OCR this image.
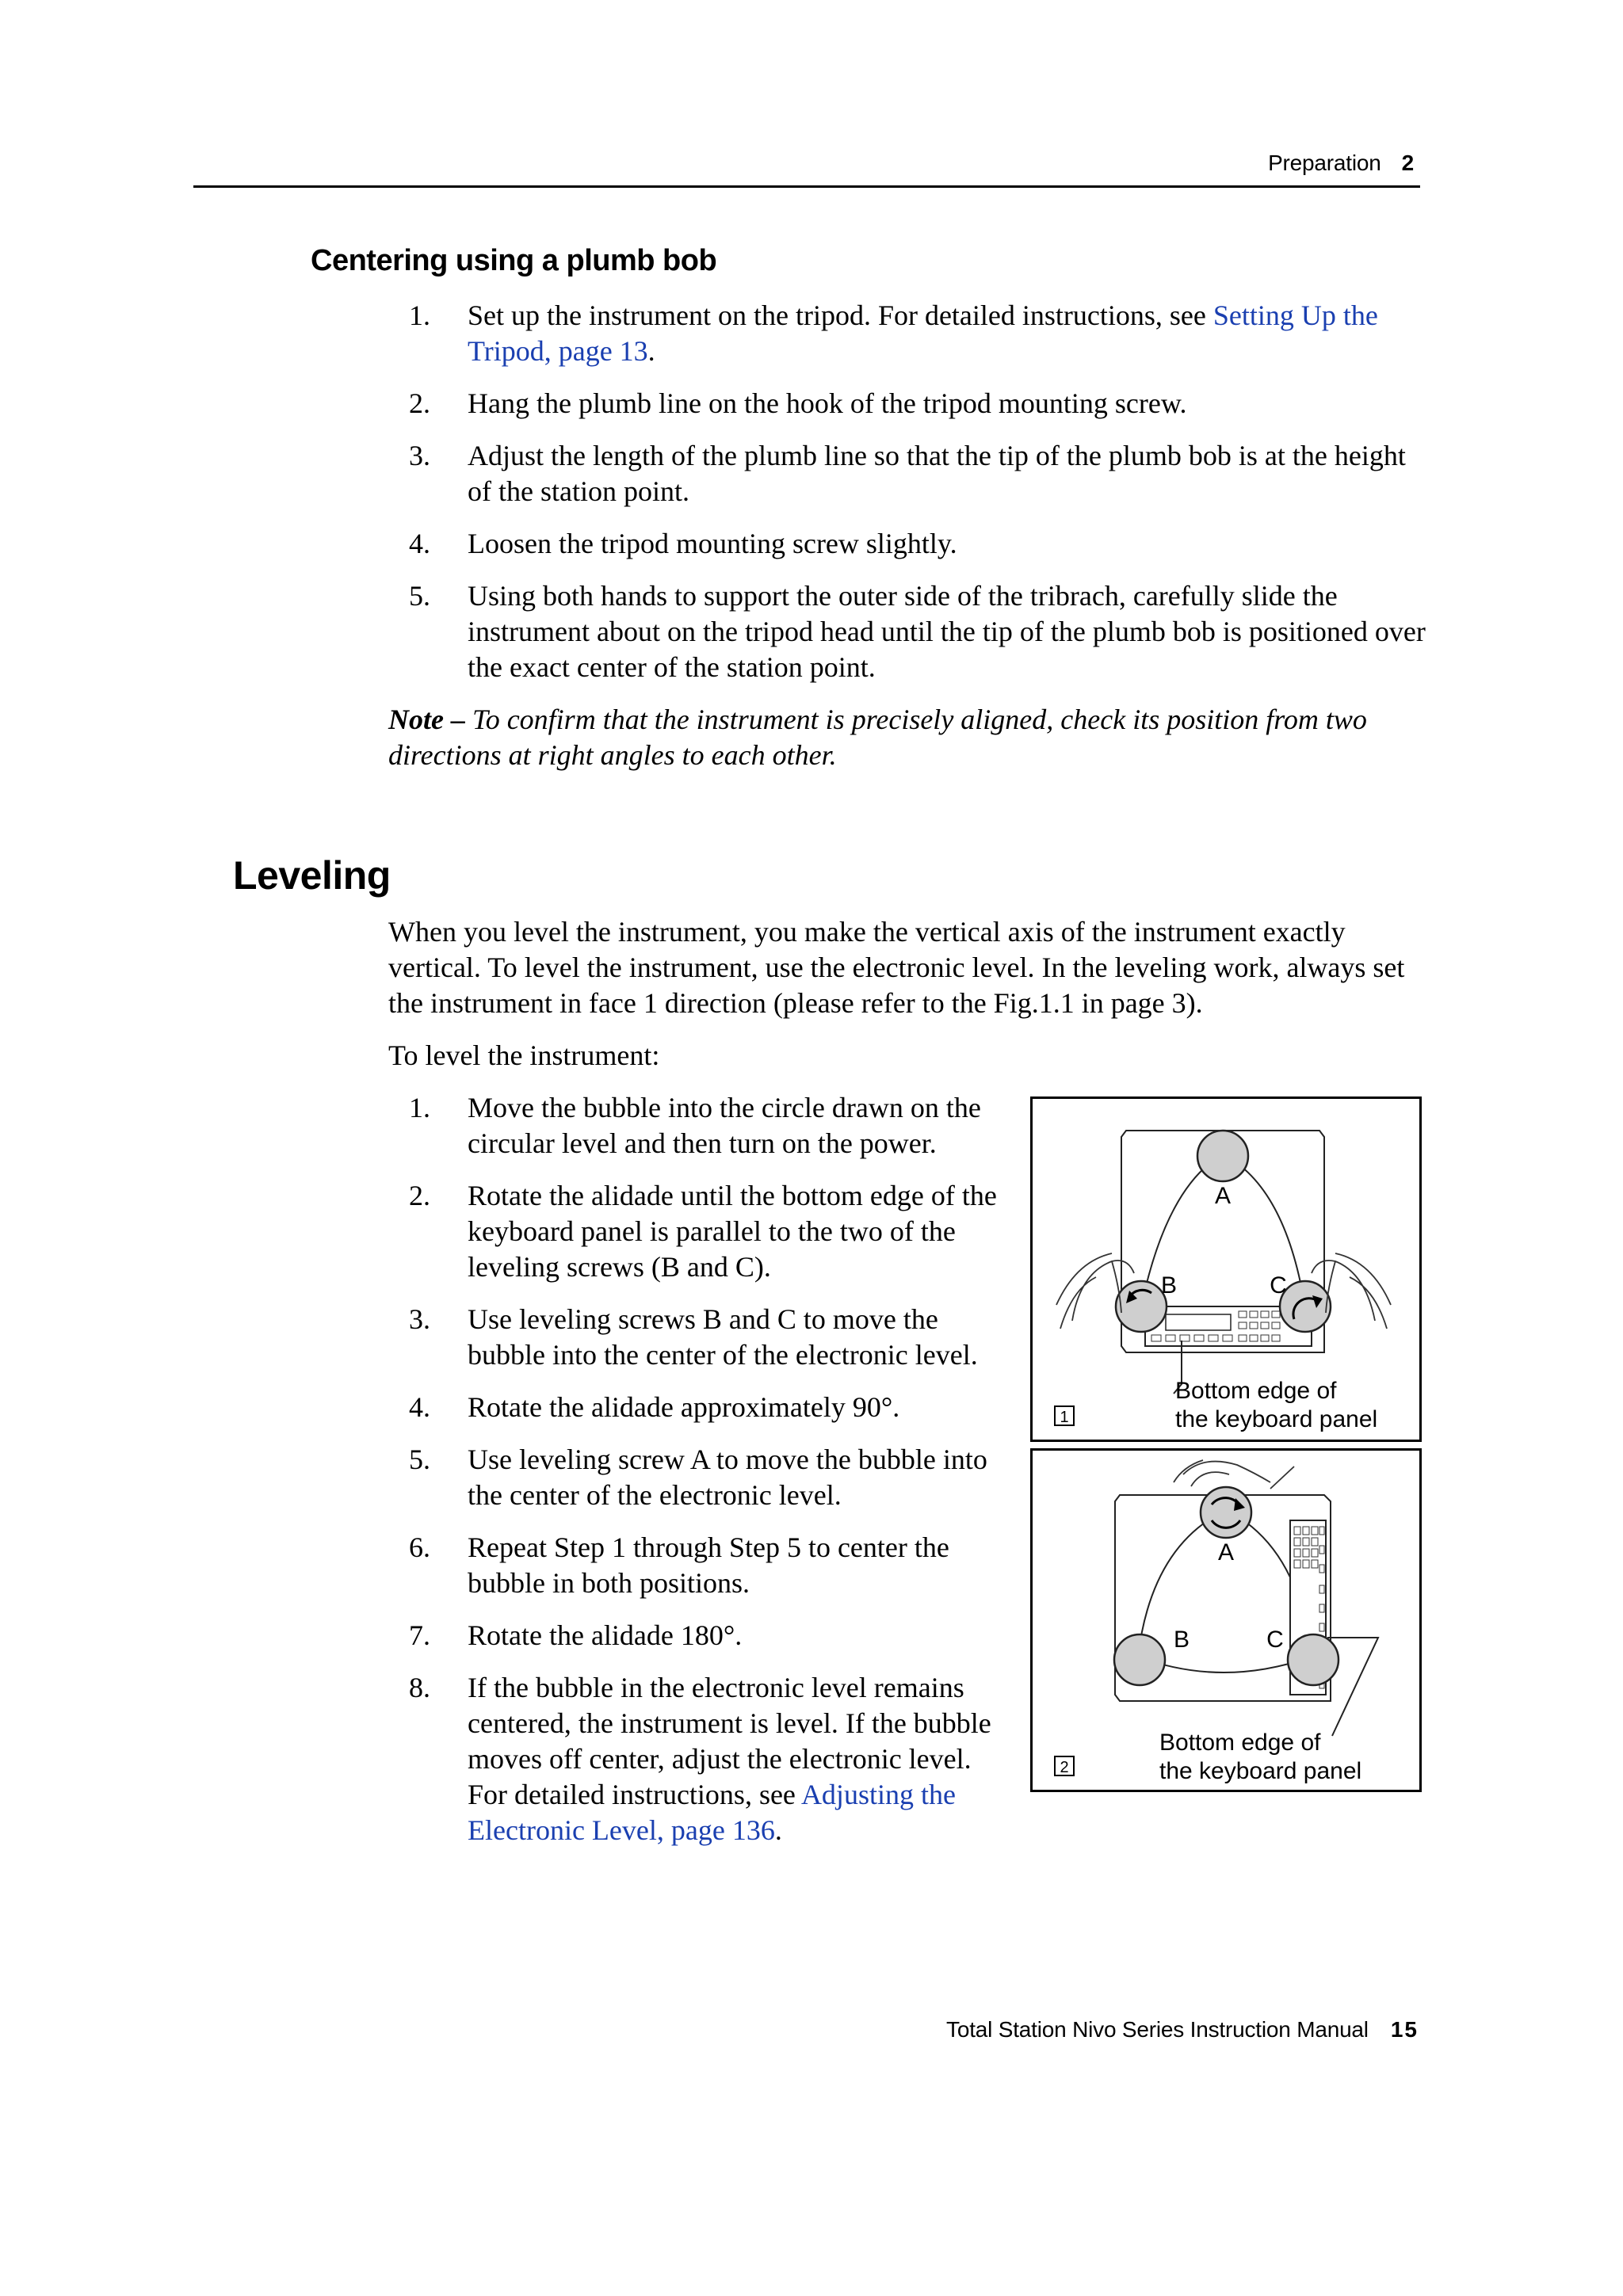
Preparation 2
Centering using a plumb bob
1. Set up the instrument on the tripod. For detailed instructions, see Setting Up the Tripod, page 13.
2. Hang the plumb line on the hook of the tripod mounting screw.
3. Adjust the length of the plumb line so that the tip of the plumb bob is at the height of the station point.
4. Loosen the tripod mounting screw slightly.
5. Using both hands to support the outer side of the tribrach, carefully slide the instrument about on the tripod head until the tip of the plumb bob is positioned over the exact center of the station point.
Note – To confirm that the instrument is precisely aligned, check its position from two directions at right angles to each other.
Leveling

When you level the instrument, you make the vertical axis of the instrument exactly vertical. To level the instrument, use the electronic level. In the leveling work, always set the instrument in face 1 direction (please refer to the Fig.1.1 in page 3).

To level the instrument:

1. Move the bubble into the circle drawn on the circular level and then turn on the power.
2. Rotate the alidade until the bottom edge of the keyboard panel is parallel to the two of the leveling screws (B and C).
3. Use leveling screws B and C to move the bubble into the center of the electronic level.
4. Rotate the alidade approximately 90°.
5. Use leveling screw A to move the bubble into the center of the electronic level.
6. Repeat Step 1 through Step 5 to center the bubble in both positions.
7. Rotate the alidade 180°.
8. If the bubble in the electronic level remains centered, the instrument is level. If the bubble moves off center, adjust the electronic level. For detailed instructions, see Adjusting the Electronic Level, page 136.
A
B	C
Bottom edge of
the keyboard panel
1
A
B	C
Bottom edge of
the keyboard panel
2
Total Station Nivo Series Instruction Manual 15
